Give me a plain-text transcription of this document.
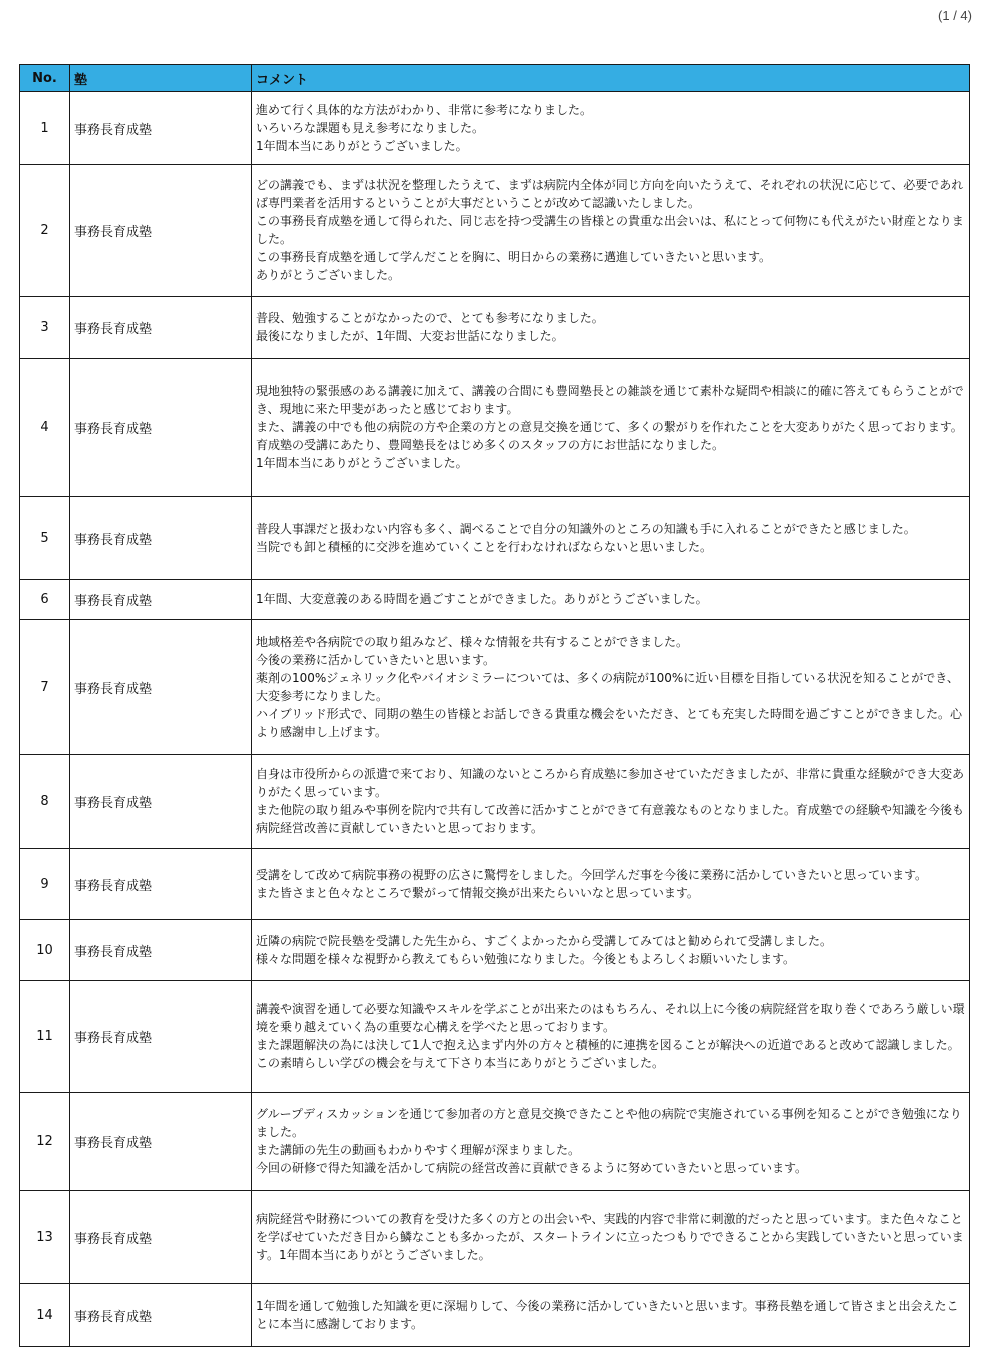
(1 / 4)
No.	塾	コメント
1	事務長育成塾	進めて行く具体的な方法がわかり、非常に参考になりました。
いろいろな課題も見え参考になりました。
1年間本当にありがとうございました。

2	事務長育成塾	どの講義でも、まずは状況を整理したうえて、まずは病院内全体が同じ方向を向いたうえて、それぞれの状況に応じて、必要であれば専門業者を活用するということが大事だということが改めて認識いたしました。
この事務長育成塾を通して得られた、同じ志を持つ受講生の皆様との貴重な出会いは、私にとって何物にも代えがたい財産となりました。
この事務長育成塾を通して学んだことを胸に、明日からの業務に邁進していきたいと思います。
ありがとうございました。

3	事務長育成塾	普段、勉強することがなかったので、とても参考になりました。
最後になりましたが、1年間、大変お世話になりました。

4	事務長育成塾	現地独特の緊張感のある講義に加えて、講義の合間にも豊岡塾長との雑談を通じて素朴な疑問や相談に的確に答えてもらうことができ、現地に来た甲斐があったと感じております。
また、講義の中でも他の病院の方や企業の方との意見交換を通じて、多くの繋がりを作れたことを大変ありがたく思っております。
育成塾の受講にあたり、豊岡塾長をはじめ多くのスタッフの方にお世話になりました。
1年間本当にありがとうございました。

5	事務長育成塾	普段人事課だと扱わない内容も多く、調べることで自分の知識外のところの知識も手に入れることができたと感じました。
当院でも卸と積極的に交渉を進めていくことを行わなければならないと思いました。

6	事務長育成塾	1年間、大変意義のある時間を過ごすことができました。ありがとうございました。

7	事務長育成塾	地域格差や各病院での取り組みなど、様々な情報を共有することができました。
今後の業務に活かしていきたいと思います。
薬剤の100%ジェネリック化やバイオシミラーについては、多くの病院が100%に近い目標を目指している状況を知ることができ、大変参考になりました。
ハイブリッド形式で、同期の塾生の皆様とお話しできる貴重な機会をいただき、とても充実した時間を過ごすことができました。心より感謝申し上げます。

8	事務長育成塾	自身は市役所からの派遣で来ており、知識のないところから育成塾に参加させていただきましたが、非常に貴重な経験ができ大変ありがたく思っています。
また他院の取り組みや事例を院内で共有して改善に活かすことができて有意義なものとなりました。育成塾での経験や知識を今後も病院経営改善に貢献していきたいと思っております。

9	事務長育成塾	受講をして改めて病院事務の視野の広さに驚愕をしました。今回学んだ事を今後に業務に活かしていきたいと思っています。
また皆さまと色々なところで繋がって情報交換が出来たらいいなと思っています。

10	事務長育成塾	近隣の病院で院長塾を受講した先生から、すごくよかったから受講してみてはと勧められて受講しました。
様々な問題を様々な視野から教えてもらい勉強になりました。今後ともよろしくお願いいたします。

11	事務長育成塾	講義や演習を通して必要な知識やスキルを学ぶことが出来たのはもちろん、それ以上に今後の病院経営を取り巻くであろう厳しい環境を乗り越えていく為の重要な心構えを学べたと思っております。
また課題解決の為には決して1人で抱え込まず内外の方々と積極的に連携を図ることが解決への近道であると改めて認識しました。
この素晴らしい学びの機会を与えて下さり本当にありがとうございました。

12	事務長育成塾	グループディスカッションを通じて参加者の方と意見交換できたことや他の病院で実施されている事例を知ることができ勉強になりました。
また講師の先生の動画もわかりやすく理解が深まりました。
今回の研修で得た知識を活かして病院の経営改善に貢献できるように努めていきたいと思っています。

13	事務長育成塾	病院経営や財務についての教育を受けた多くの方との出会いや、実践的内容で非常に刺激的だったと思っています。また色々なことを学ばせていただき目から鱗なことも多かったが、スタートラインに立ったつもりでできることから実践していきたいと思っています。1年間本当にありがとうございました。

14	事務長育成塾	1年間を通して勉強した知識を更に深堀りして、今後の業務に活かしていきたいと思います。事務長塾を通して皆さまと出会えたことに本当に感謝しております。
